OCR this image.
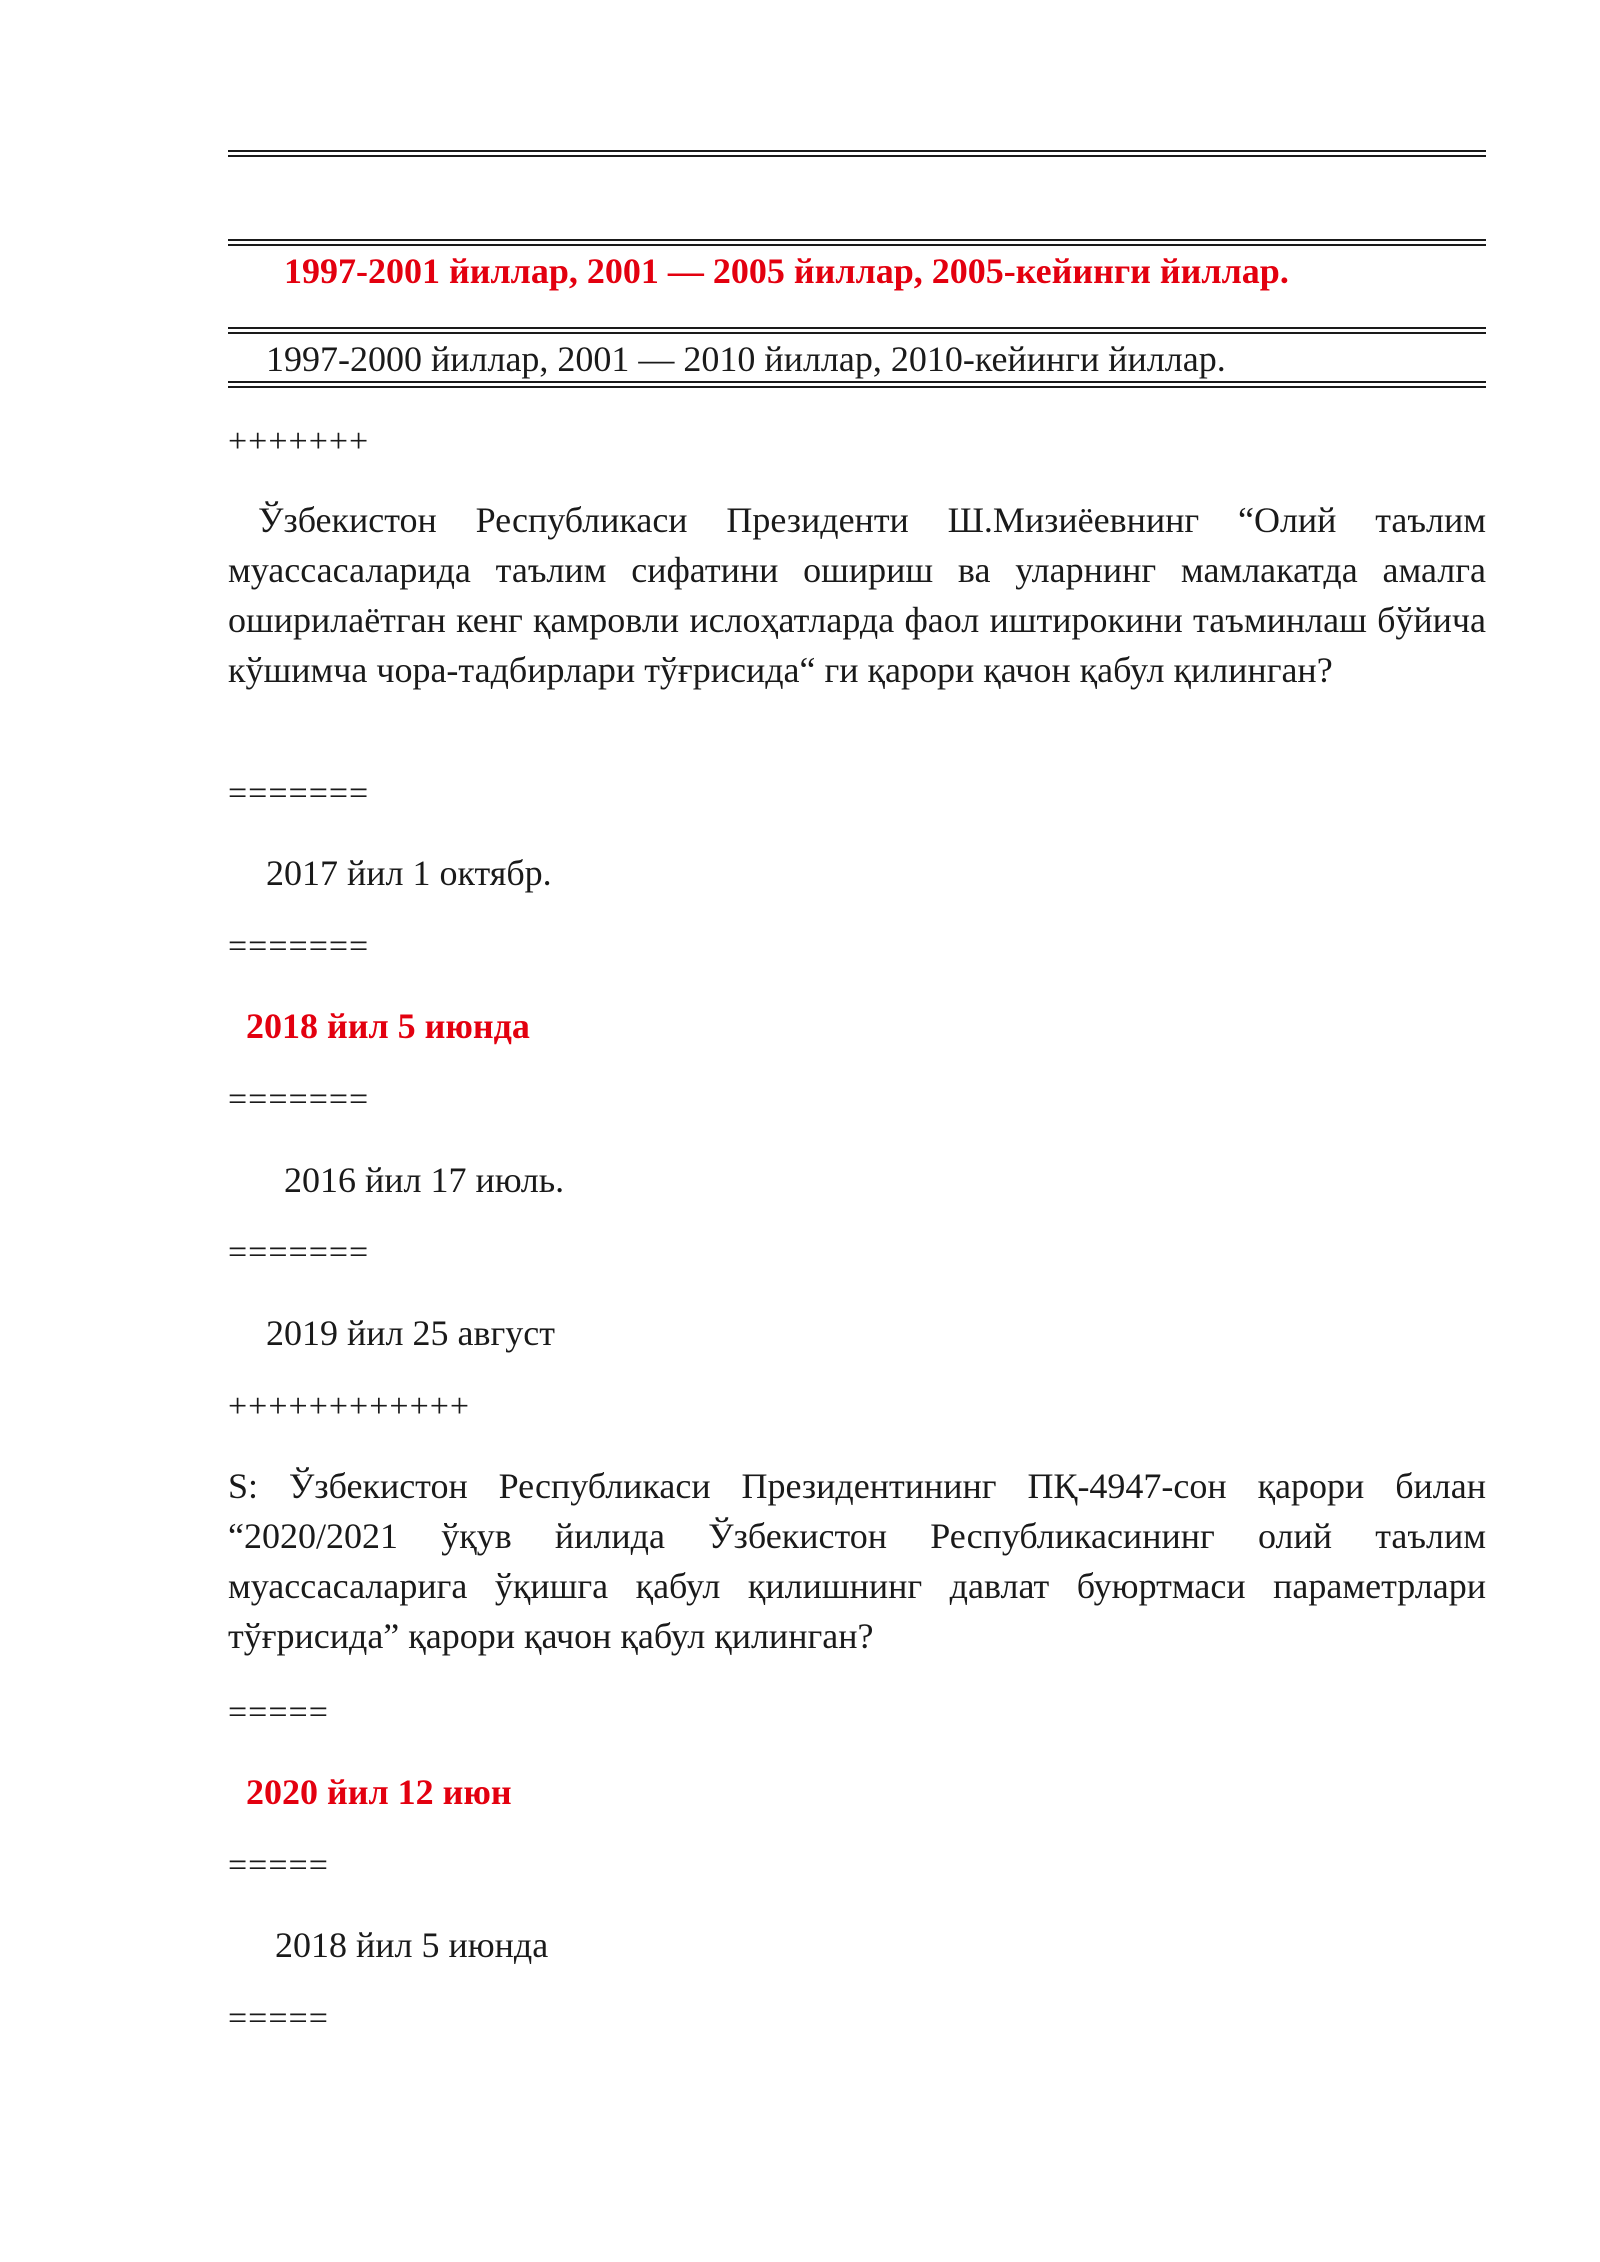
1997-2001 йиллар, 2001 — 2005 йиллар, 2005-кейинги йиллар.
1997-2000 йиллар, 2001 — 2010 йиллар, 2010-кейинги йиллар.
+++++++
Ўзбекистон Республикаси Президенти Ш.Мизиёевнинг “Олий таълим муассасаларида таълим сифатини ошириш ва уларнинг мамлакатда амалга оширилаётган кенг қамровли ислоҳатларда фаол иштирокини таъминлаш бўйича кўшимча чора-тадбирлари тўғрисида“ ги қарори қачон қабул қилинган?
=======
2017 йил 1 октябр.
=======
2018 йил 5 июнда
=======
2016 йил 17 июль.
=======
2019 йил 25 август
++++++++++++
S: Ўзбекистон Республикаси Президентининг ПҚ-4947-сон қарори билан “2020/2021 ўқув йилида Ўзбекистон Республикасининг олий таълим муассасаларига ўқишга қабул қилишнинг давлат буюртмаси параметрлари тўғрисида” қарори қачон қабул қилинган?
=====
2020 йил 12 июн
=====
2018 йил 5 июнда
=====
